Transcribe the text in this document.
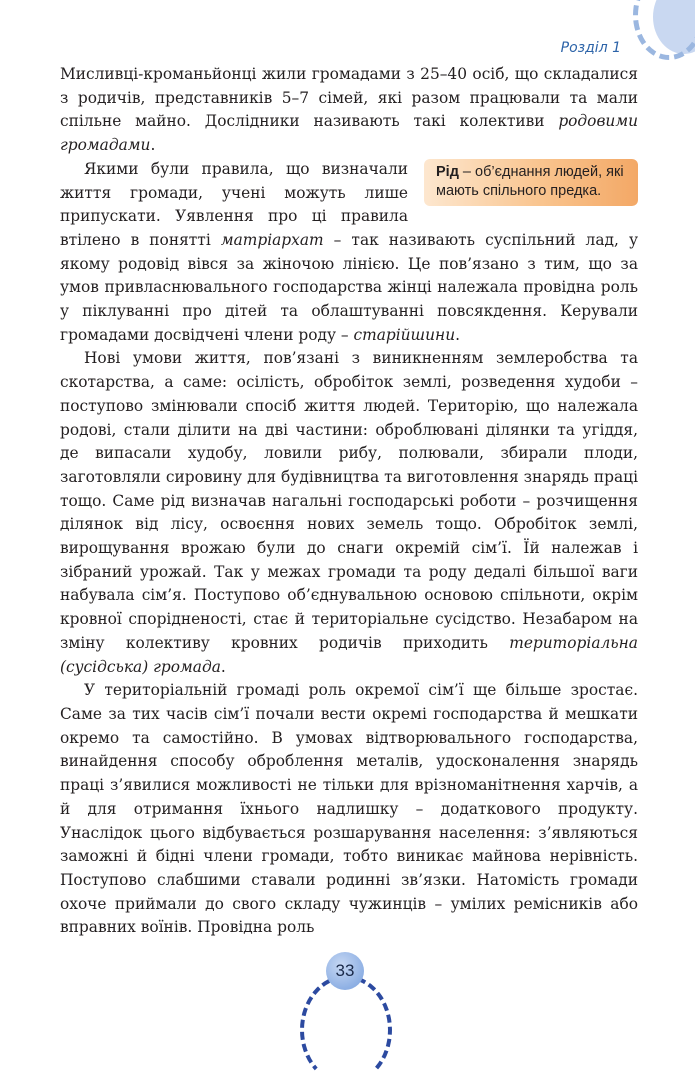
Розділ 1

Мисливці-кроманьйонці жили громадами з 25–40 осіб, що складалися з родичів, представників 5–7 сімей, які разом працювали та мали спільне майно. Дослідники називають такі колективи родовими громадами.

Рід – об’єднання людей, які мають спільного предка.
Якими були правила, що визначали життя громади, учені можуть лише припускати. Уявлення про ці правила втілено в понятті матріархат – так називають суспільний лад, у якому родовід вівся за жіночою лінією. Це пов’язано з тим, що за умов привласнювального господарства жінці належала провідна роль у піклуванні про дітей та облаштуванні повсякдення. Керували громадами досвідчені члени роду – старійшини.

Нові умови життя, пов’язані з виникненням землеробства та скотарства, а саме: осілість, обробіток землі, розведення худоби – поступово змінювали спосіб життя людей. Територію, що належала родові, стали ділити на дві частини: оброблювані ділянки та угіддя, де випасали худобу, ловили рибу, полювали, збирали плоди, заготовляли сировину для будівництва та виготовлення знарядь праці тощо. Саме рід визначав нагальні господарські роботи – розчищення ділянок від лісу, освоєння нових земель тощо. Обробіток землі, вирощування врожаю були до снаги окремій сім’ї. Їй належав і зібраний урожай. Так у межах громади та роду дедалі більшої ваги набувала сім’я. Поступово об’єднувальною основою спільноти, окрім кровної спорідненості, стає й територіальне сусідство. Незабаром на зміну колективу кровних родичів приходить територіальна (сусідська) громада.

У територіальній громаді роль окремої сім’ї ще більше зростає. Саме за тих часів сім’ї почали вести окремі господарства й мешкати окремо та самостійно. В умовах відтворювального господарства, винайдення способу оброблення металів, удосконалення знарядь праці з’явилися можливості не тільки для врізноманітнення харчів, а й для отримання їхнього надлишку – додаткового продукту. Унаслідок цього відбувається розшарування населення: з’являються заможні й бідні члени громади, тобто виникає майнова нерівність. Поступово слабшими ставали родинні зв’язки. Натомість громади охоче приймали до свого складу чужинців – умілих ремісників або вправних воїнів. Провідна роль

33
